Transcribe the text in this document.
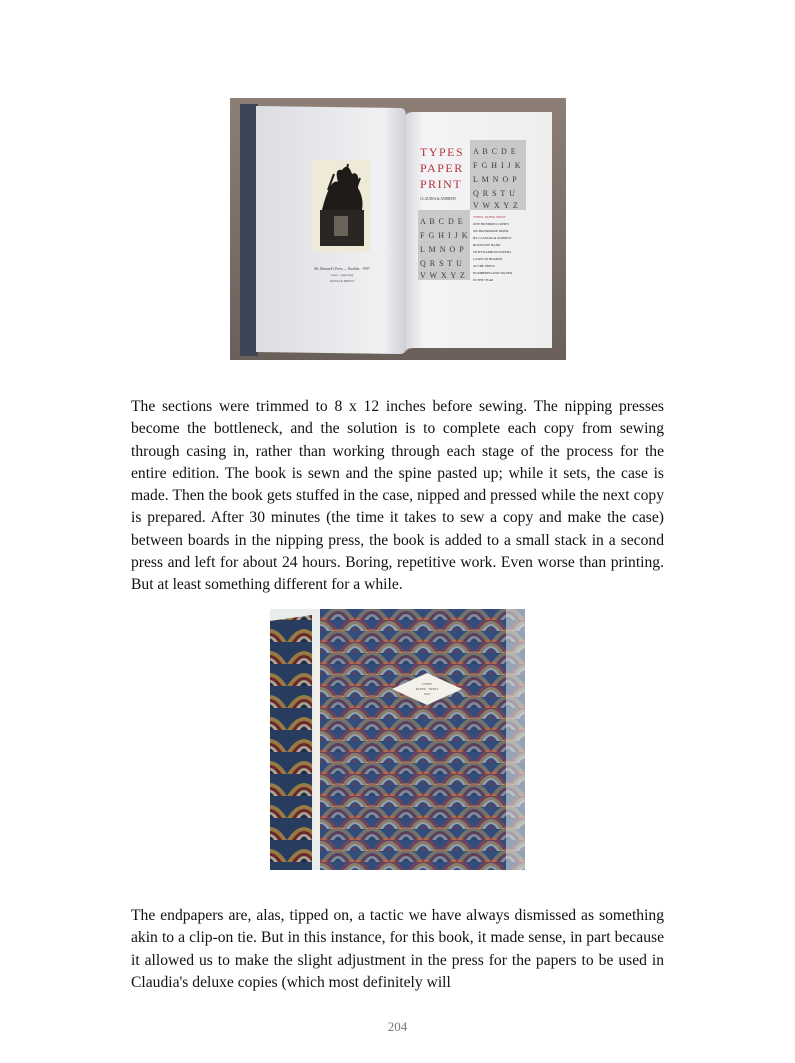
Mr. Bernard’s Press — Booklet · 1997
wood · engraving
DONALD BRENT
TYPES
PAPER
PRINT
CLAUDIA & ANDREW
A B C D E
F G H I J K
L M N O P
Q R S T U
V W X Y Z
A B C D E
F G H I J K
L M N O P
Q R S T U
V W X Y Z
TYPES, PAPER, PRINT
ONE HUNDRED COPIES
ON HANDMADE PAPER
BY CLAUDIA & ANDREW
BOUND BY HAND
WITH MARBLED PAPERS
CASED IN BOARDS
AT THE PRESS
NUMBERED AND SIGNED
IN THE YEAR

The sections were trimmed to 8 x 12 inches before sewing. The nipping presses become the bottleneck, and the solution is to complete each copy from sewing through casing in, rather than working through each stage of the process for the entire edition. The book is sewn and the spine pasted up; while it sets, the case is made. Then the book gets stuffed in the case, nipped and pressed while the next copy is prepared. After 30 minutes (the time it takes to sew a copy and make the case) between boards in the nipping press, the book is added to a small stack in a second press and left for about 24 hours. Boring, repetitive work. Even worse than printing. But at least something different for a while.

TYPES
PAPER · PRINT
1997

The endpapers are, alas, tipped on, a tactic we have always dismissed as something akin to a clip-on tie. But in this instance, for this book, it made sense, in part because it allowed us to make the slight adjustment in the press for the papers to be used in Claudia's deluxe copies (which most definitely will

204
